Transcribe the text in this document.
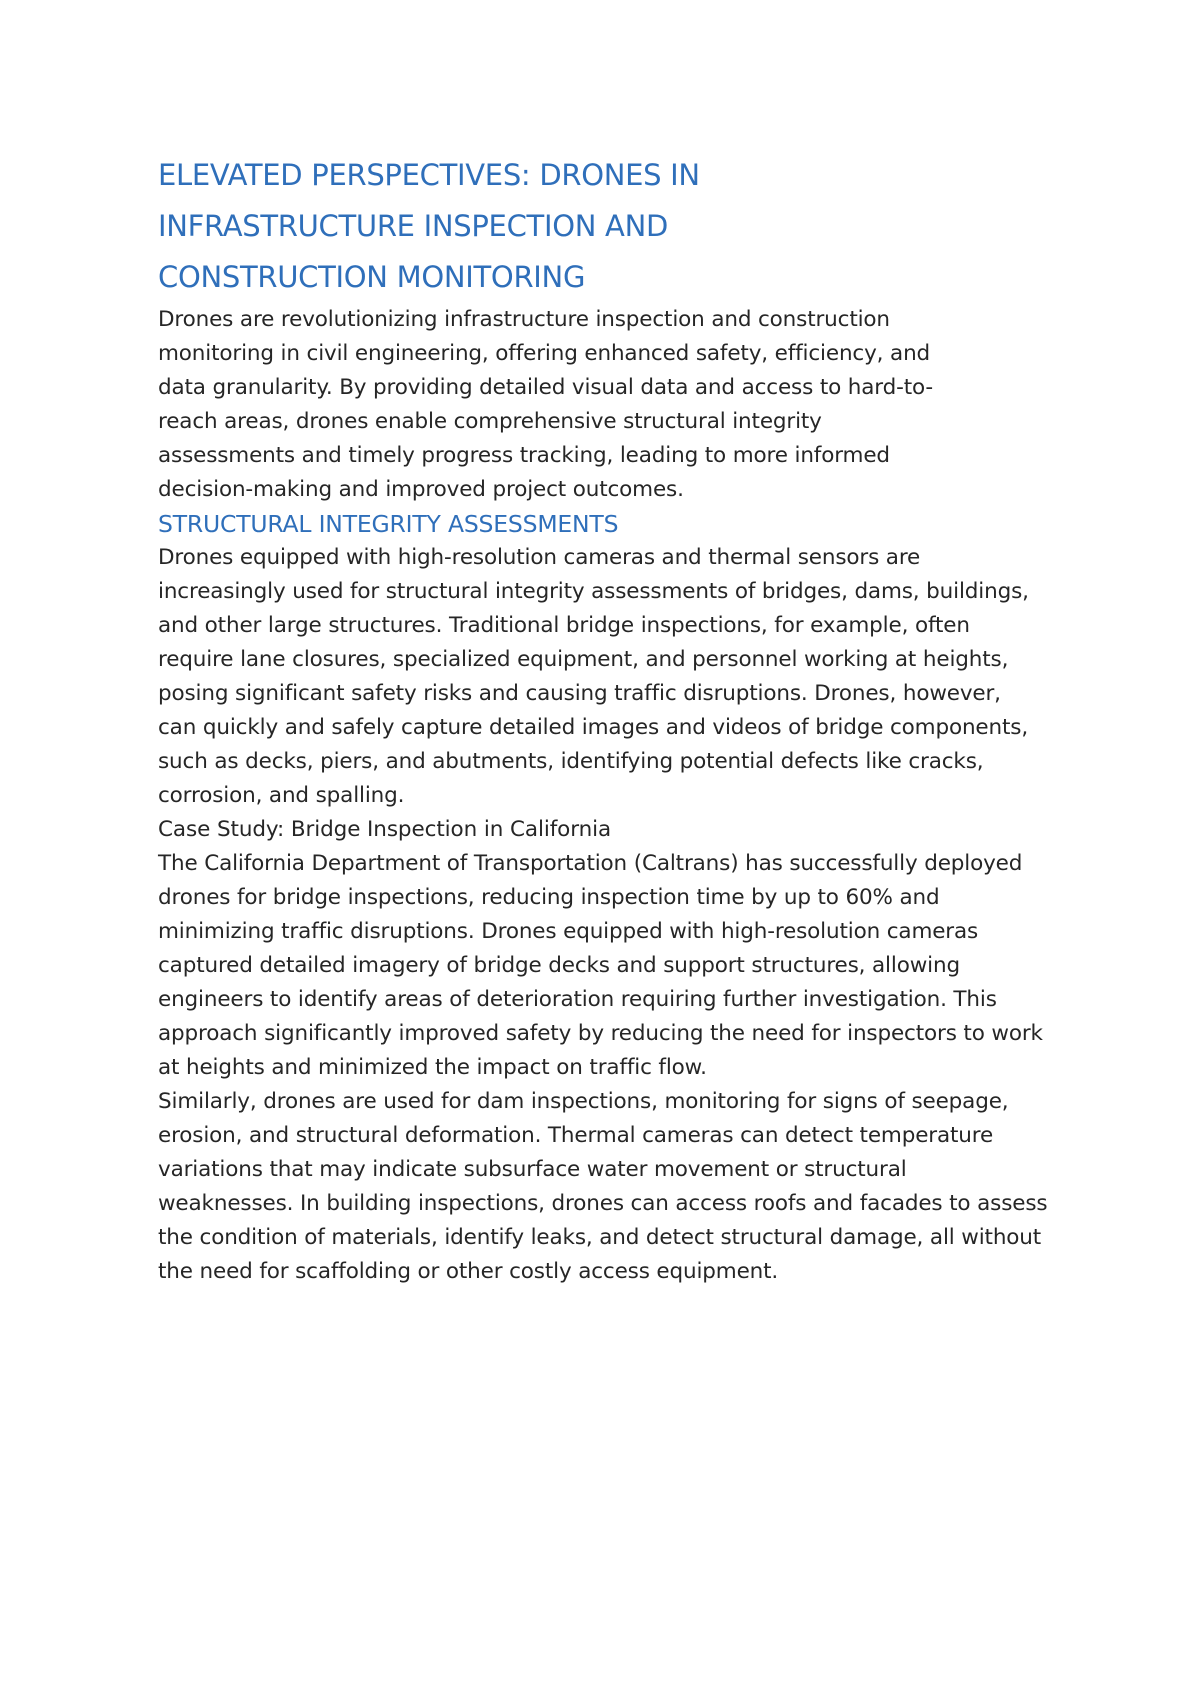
ELEVATED PERSPECTIVES: DRONES IN INFRASTRUCTURE INSPECTION AND CONSTRUCTION MONITORING

Drones are revolutionizing infrastructure inspection and construction monitoring in civil engineering, offering enhanced safety, efficiency, and data granularity. By providing detailed visual data and access to hard-to-reach areas, drones enable comprehensive structural integrity assessments and timely progress tracking, leading to more informed decision-making and improved project outcomes.

STRUCTURAL INTEGRITY ASSESSMENTS

Drones equipped with high-resolution cameras and thermal sensors are increasingly used for structural integrity assessments of bridges, dams, buildings, and other large structures. Traditional bridge inspections, for example, often require lane closures, specialized equipment, and personnel working at heights, posing significant safety risks and causing traffic disruptions. Drones, however, can quickly and safely capture detailed images and videos of bridge components, such as decks, piers, and abutments, identifying potential defects like cracks, corrosion, and spalling.

Case Study: Bridge Inspection in California

The California Department of Transportation (Caltrans) has successfully deployed drones for bridge inspections, reducing inspection time by up to 60% and minimizing traffic disruptions. Drones equipped with high-resolution cameras captured detailed imagery of bridge decks and support structures, allowing engineers to identify areas of deterioration requiring further investigation. This approach significantly improved safety by reducing the need for inspectors to work at heights and minimized the impact on traffic flow.

Similarly, drones are used for dam inspections, monitoring for signs of seepage, erosion, and structural deformation. Thermal cameras can detect temperature variations that may indicate subsurface water movement or structural weaknesses. In building inspections, drones can access roofs and facades to assess the condition of materials, identify leaks, and detect structural damage, all without the need for scaffolding or other costly access equipment.
